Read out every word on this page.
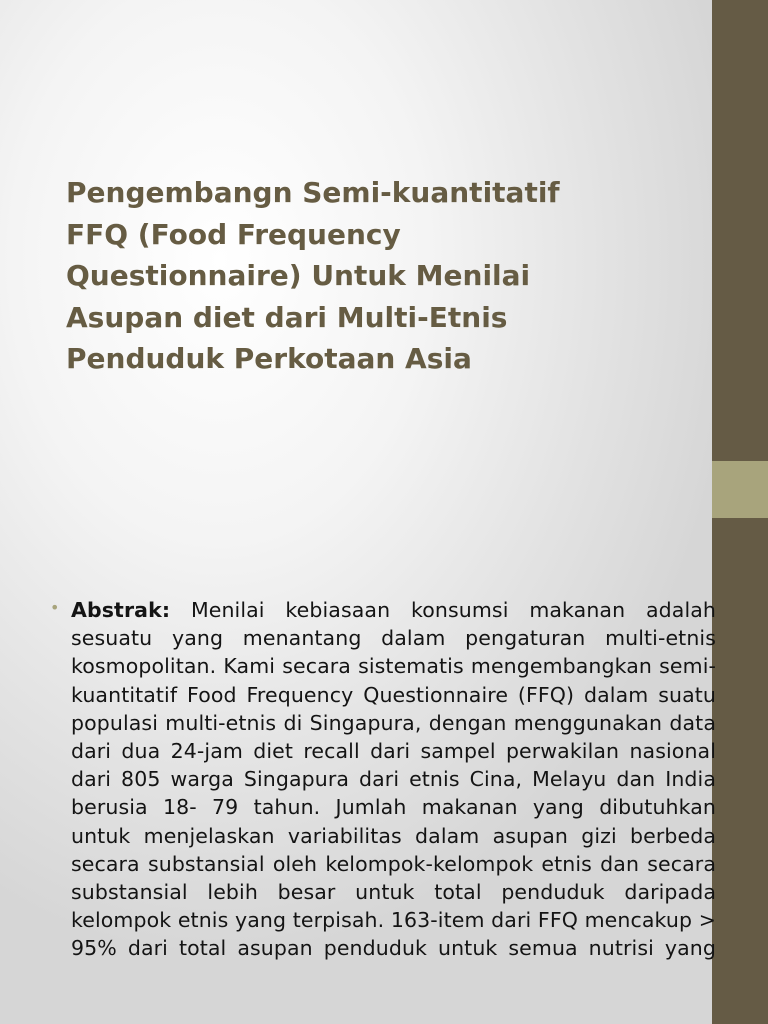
Pengembangn Semi-kuantitatif
FFQ (Food Frequency
Questionnaire) Untuk Menilai
Asupan diet dari Multi-Etnis
Penduduk Perkotaan Asia
• Abstrak: Menilai kebiasaan konsumsi makanan adalah sesuatu yang menantang dalam pengaturan multi-etnis kosmopolitan. Kami secara sistematis mengembangkan semi-kuantitatif Food Frequency Questionnaire (FFQ) dalam suatu populasi multi-etnis di Singapura, dengan menggunakan data dari dua 24-jam diet recall dari sampel perwakilan nasional dari 805 warga Singapura dari etnis Cina, Melayu dan India berusia 18- 79 tahun. Jumlah makanan yang dibutuhkan untuk menjelaskan variabilitas dalam asupan gizi berbeda secara substansial oleh kelompok-kelompok etnis dan secara substansial lebih besar untuk total penduduk daripada kelompok etnis yang terpisah. 163-item dari FFQ mencakup > 95% dari total asupan penduduk untuk semua nutrisi yang
